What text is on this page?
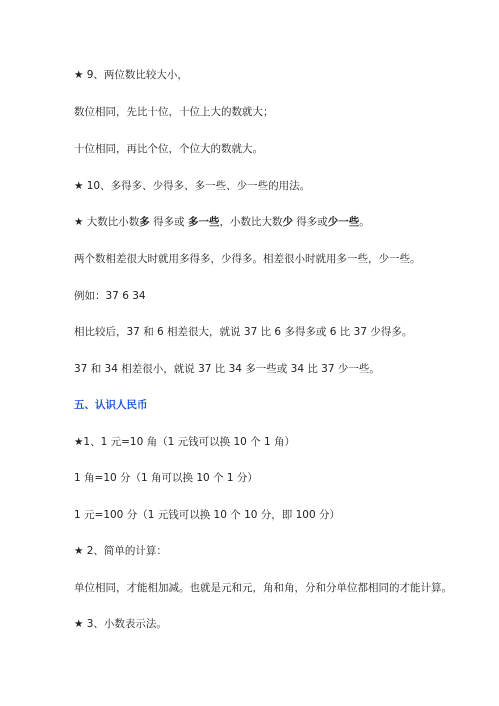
★ 9、两位数比较大小，
数位相同，先比十位，十位上大的数就大；
十位相同，再比个位，个位大的数就大。
★ 10、多得多、少得多、多一些、少一些的用法。
★ 大数比小数多 得多或 多一些，小数比大数少 得多或少一些。
两个数相差很大时就用多得多，少得多。相差很小时就用多一些，少一些。
例如：37 6 34
相比较后，37 和 6 相差很大，就说 37 比 6 多得多或 6 比 37 少得多。
37 和 34 相差很小，就说 37 比 34 多一些或 34 比 37 少一些。
五、认识人民币
★1、1 元=10 角（1 元钱可以换 10 个 1 角）
1 角=10 分（1 角可以换 10 个 1 分）
1 元=100 分（1 元钱可以换 10 个 10 分，即 100 分）
★ 2、简单的计算：
单位相同，才能相加减。也就是元和元，角和角，分和分单位都相同的才能计算。
★ 3、小数表示法。
